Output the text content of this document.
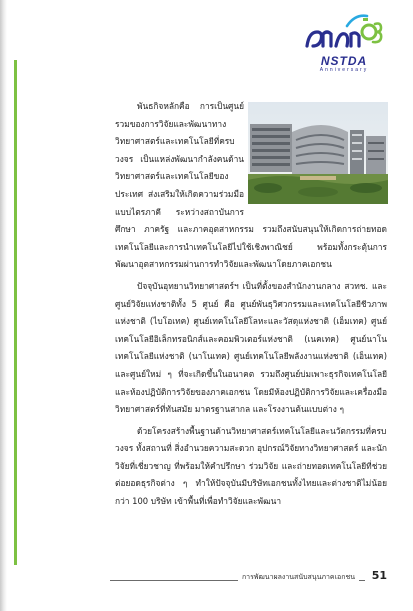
NSTDA
Anniversary

พันธกิจหลักคือ การเป็นศูนย์รวมของการวิจัยและพัฒนาทางวิทยาศาสตร์และเทคโนโลยีที่ครบวงจร เป็นแหล่งพัฒนากำลังคนด้านวิทยาศาสตร์และเทคโนโลยีของประเทศ ส่งเสริมให้เกิดความร่วมมือแบบไตรภาคี ระหว่างสถาบันการศึกษา ภาครัฐ และภาคอุตสาหกรรม รวมถึงสนับสนุนให้เกิดการถ่ายทอดเทคโนโลยีและการนำเทคโนโลยีไปใช้เชิงพาณิชย์ พร้อมทั้งกระตุ้นการพัฒนาอุตสาหกรรมผ่านการทำวิจัยและพัฒนาโดยภาคเอกชน

ปัจจุบันอุทยานวิทยาศาสตร์ฯ เป็นที่ตั้งของสำนักงานกลาง สวทช. และศูนย์วิจัยแห่งชาติทั้ง 5 ศูนย์ คือ ศูนย์พันธุวิศวกรรมและเทคโนโลยีชีวภาพแห่งชาติ (ไบโอเทค) ศูนย์เทคโนโลยีโลหะและวัสดุแห่งชาติ (เอ็มเทค) ศูนย์เทคโนโลยีอิเล็กทรอนิกส์และคอมพิวเตอร์แห่งชาติ (เนคเทค) ศูนย์นาโนเทคโนโลยีแห่งชาติ (นาโนเทค) ศูนย์เทคโนโลยีพลังงานแห่งชาติ (เอ็นเทค) และศูนย์ใหม่ ๆ ที่จะเกิดขึ้นในอนาคต รวมถึงศูนย์บ่มเพาะธุรกิจเทคโนโลยี และห้องปฏิบัติการวิจัยของภาคเอกชน โดยมีห้องปฏิบัติการวิจัยและเครื่องมือวิทยาศาสตร์ที่ทันสมัย มาตรฐานสากล และโรงงานต้นแบบต่าง ๆ

ด้วยโครงสร้างพื้นฐานด้านวิทยาศาสตร์เทคโนโลยีและนวัตกรรมที่ครบวงจร ทั้งสถานที่ สิ่งอำนวยความสะดวก อุปกรณ์วิจัยทางวิทยาศาสตร์ และนักวิจัยที่เชี่ยวชาญ ที่พร้อมให้คำปรึกษา ร่วมวิจัย และถ่ายทอดเทคโนโลยีที่ช่วยต่อยอดธุรกิจต่าง ๆ ทำให้ปัจจุบันมีบริษัทเอกชนทั้งไทยและต่างชาติไม่น้อยกว่า 100 บริษัท เข้าพื้นที่เพื่อทำวิจัยและพัฒนา

การพัฒนาผลงานสนับสนุนภาคเอกชน	51
